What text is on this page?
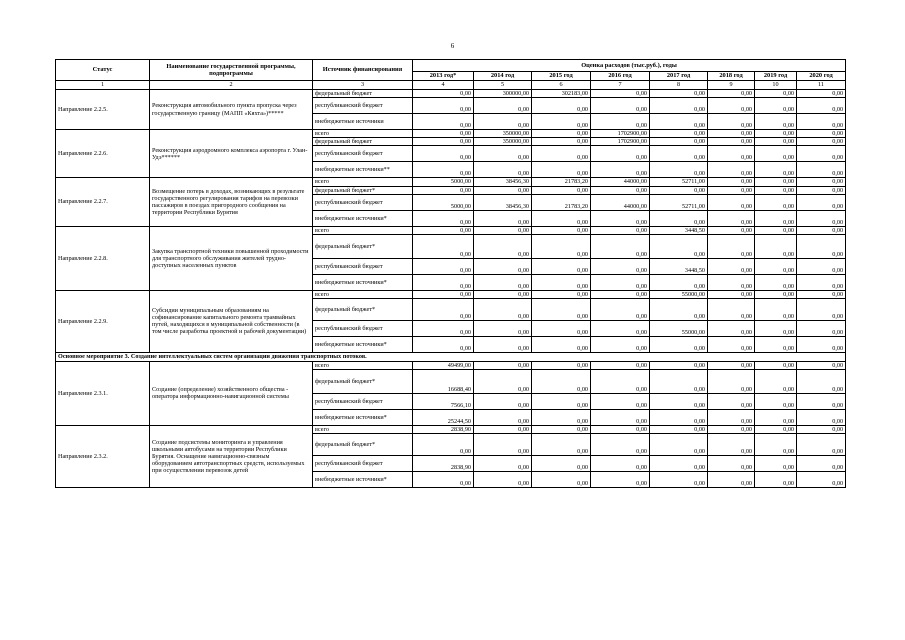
6
Статус	Наименование государственной программы, подпрограммы	Источник финансирования	Оценка расходов (тыс.руб.), годы							
			2013 год*	2014 год	2015 год	2016 год	2017 год	2018 год	2019 год	2020 год
1	2	3	4	5	6	7	8	9	10	11
Направление 2.2.5.	Реконструкция автомобильного пункта пропуска через государственную границу (МАПП «Кяхта»)*****	федеральный бюджет	0,00	300000,00	302183,00	0,00	0,00	0,00	0,00	0,00
		республиканский бюджет	0,00	0,00	0,00	0,00	0,00	0,00	0,00	0,00
		внебюджетные источники	0,00	0,00	0,00	0,00	0,00	0,00	0,00	0,00
Направление 2.2.6.	Реконструкция аэродромного комплекса аэропорта г. Улан-Удэ******	всего	0,00	350000,00	0,00	1702900,00	0,00	0,00	0,00	0,00
		федеральный бюджет	0,00	350000,00	0,00	1702900,00	0,00	0,00	0,00	0,00
		республиканский бюджет	0,00	0,00	0,00	0,00	0,00	0,00	0,00	0,00
		внебюджетные источники**	0,00	0,00	0,00	0,00	0,00	0,00	0,00	0,00
Направление 2.2.7.	Возмещение потерь в доходах, возникающих в результате государственного регулирования тарифов на перевозки пассажиров в поездах пригородного сообщения на территории Республики Бурятия	всего	5000,00	38456,30	21783,20	44000,00	52711,00	0,00	0,00	0,00
		федеральный бюджет*	0,00	0,00	0,00	0,00	0,00	0,00	0,00	0,00
		республиканский бюджет	5000,00	38456,30	21783,20	44000,00	52711,00	0,00	0,00	0,00
		внебюджетные источники*	0,00	0,00	0,00	0,00	0,00	0,00	0,00	0,00
Направление 2.2.8.	Закупка транспортной техники повышенной проходимости для транспортного обслуживания жителей трудно-доступных населенных пунктов	всего	0,00	0,00	0,00	0,00	3448,50	0,00	0,00	0,00
		федеральный бюджет*	0,00	0,00	0,00	0,00	0,00	0,00	0,00	0,00
		республиканский бюджет	0,00	0,00	0,00	0,00	3448,50	0,00	0,00	0,00
		внебюджетные источники*	0,00	0,00	0,00	0,00	0,00	0,00	0,00	0,00
Направление 2.2.9.	Субсидии муниципальным образованиям на софинансирование капитального ремонта трамвайных путей, находящихся в муниципальной собственности (в том числе разработка проектной и рабочей документации)	всего	0,00	0,00	0,00	0,00	55000,00	0,00	0,00	0,00
		федеральный бюджет*	0,00	0,00	0,00	0,00	0,00	0,00	0,00	0,00
		республиканский бюджет	0,00	0,00	0,00	0,00	55000,00	0,00	0,00	0,00
		внебюджетные источники*	0,00	0,00	0,00	0,00	0,00	0,00	0,00	0,00
Основное мероприятие 3. Создание интеллектуальных систем организации движения транспортных потоков.										
Направление 2.3.1.	Создание (определение) хозяйственного общества - оператора информационно-навигационной системы	всего	49499,00	0,00	0,00	0,00	0,00	0,00	0,00	0,00
		федеральный бюджет*	16688,40	0,00	0,00	0,00	0,00	0,00	0,00	0,00
		республиканский бюджет	7566,10	0,00	0,00	0,00	0,00	0,00	0,00	0,00
		внебюджетные источники*	25244,50	0,00	0,00	0,00	0,00	0,00	0,00	0,00
Направление 2.3.2.	Создание подсистемы мониторинга и управления школьными автобусами на территории Республики Бурятия. Оснащение навигационно-связным оборудованием автотранспортных средств, используемых при осуществлении перевозок детей	всего	2838,90	0,00	0,00	0,00	0,00	0,00	0,00	0,00
		федеральный бюджет*	0,00	0,00	0,00	0,00	0,00	0,00	0,00	0,00
		республиканский бюджет	2838,90	0,00	0,00	0,00	0,00	0,00	0,00	0,00
		внебюджетные источники*	0,00	0,00	0,00	0,00	0,00	0,00	0,00	0,00
